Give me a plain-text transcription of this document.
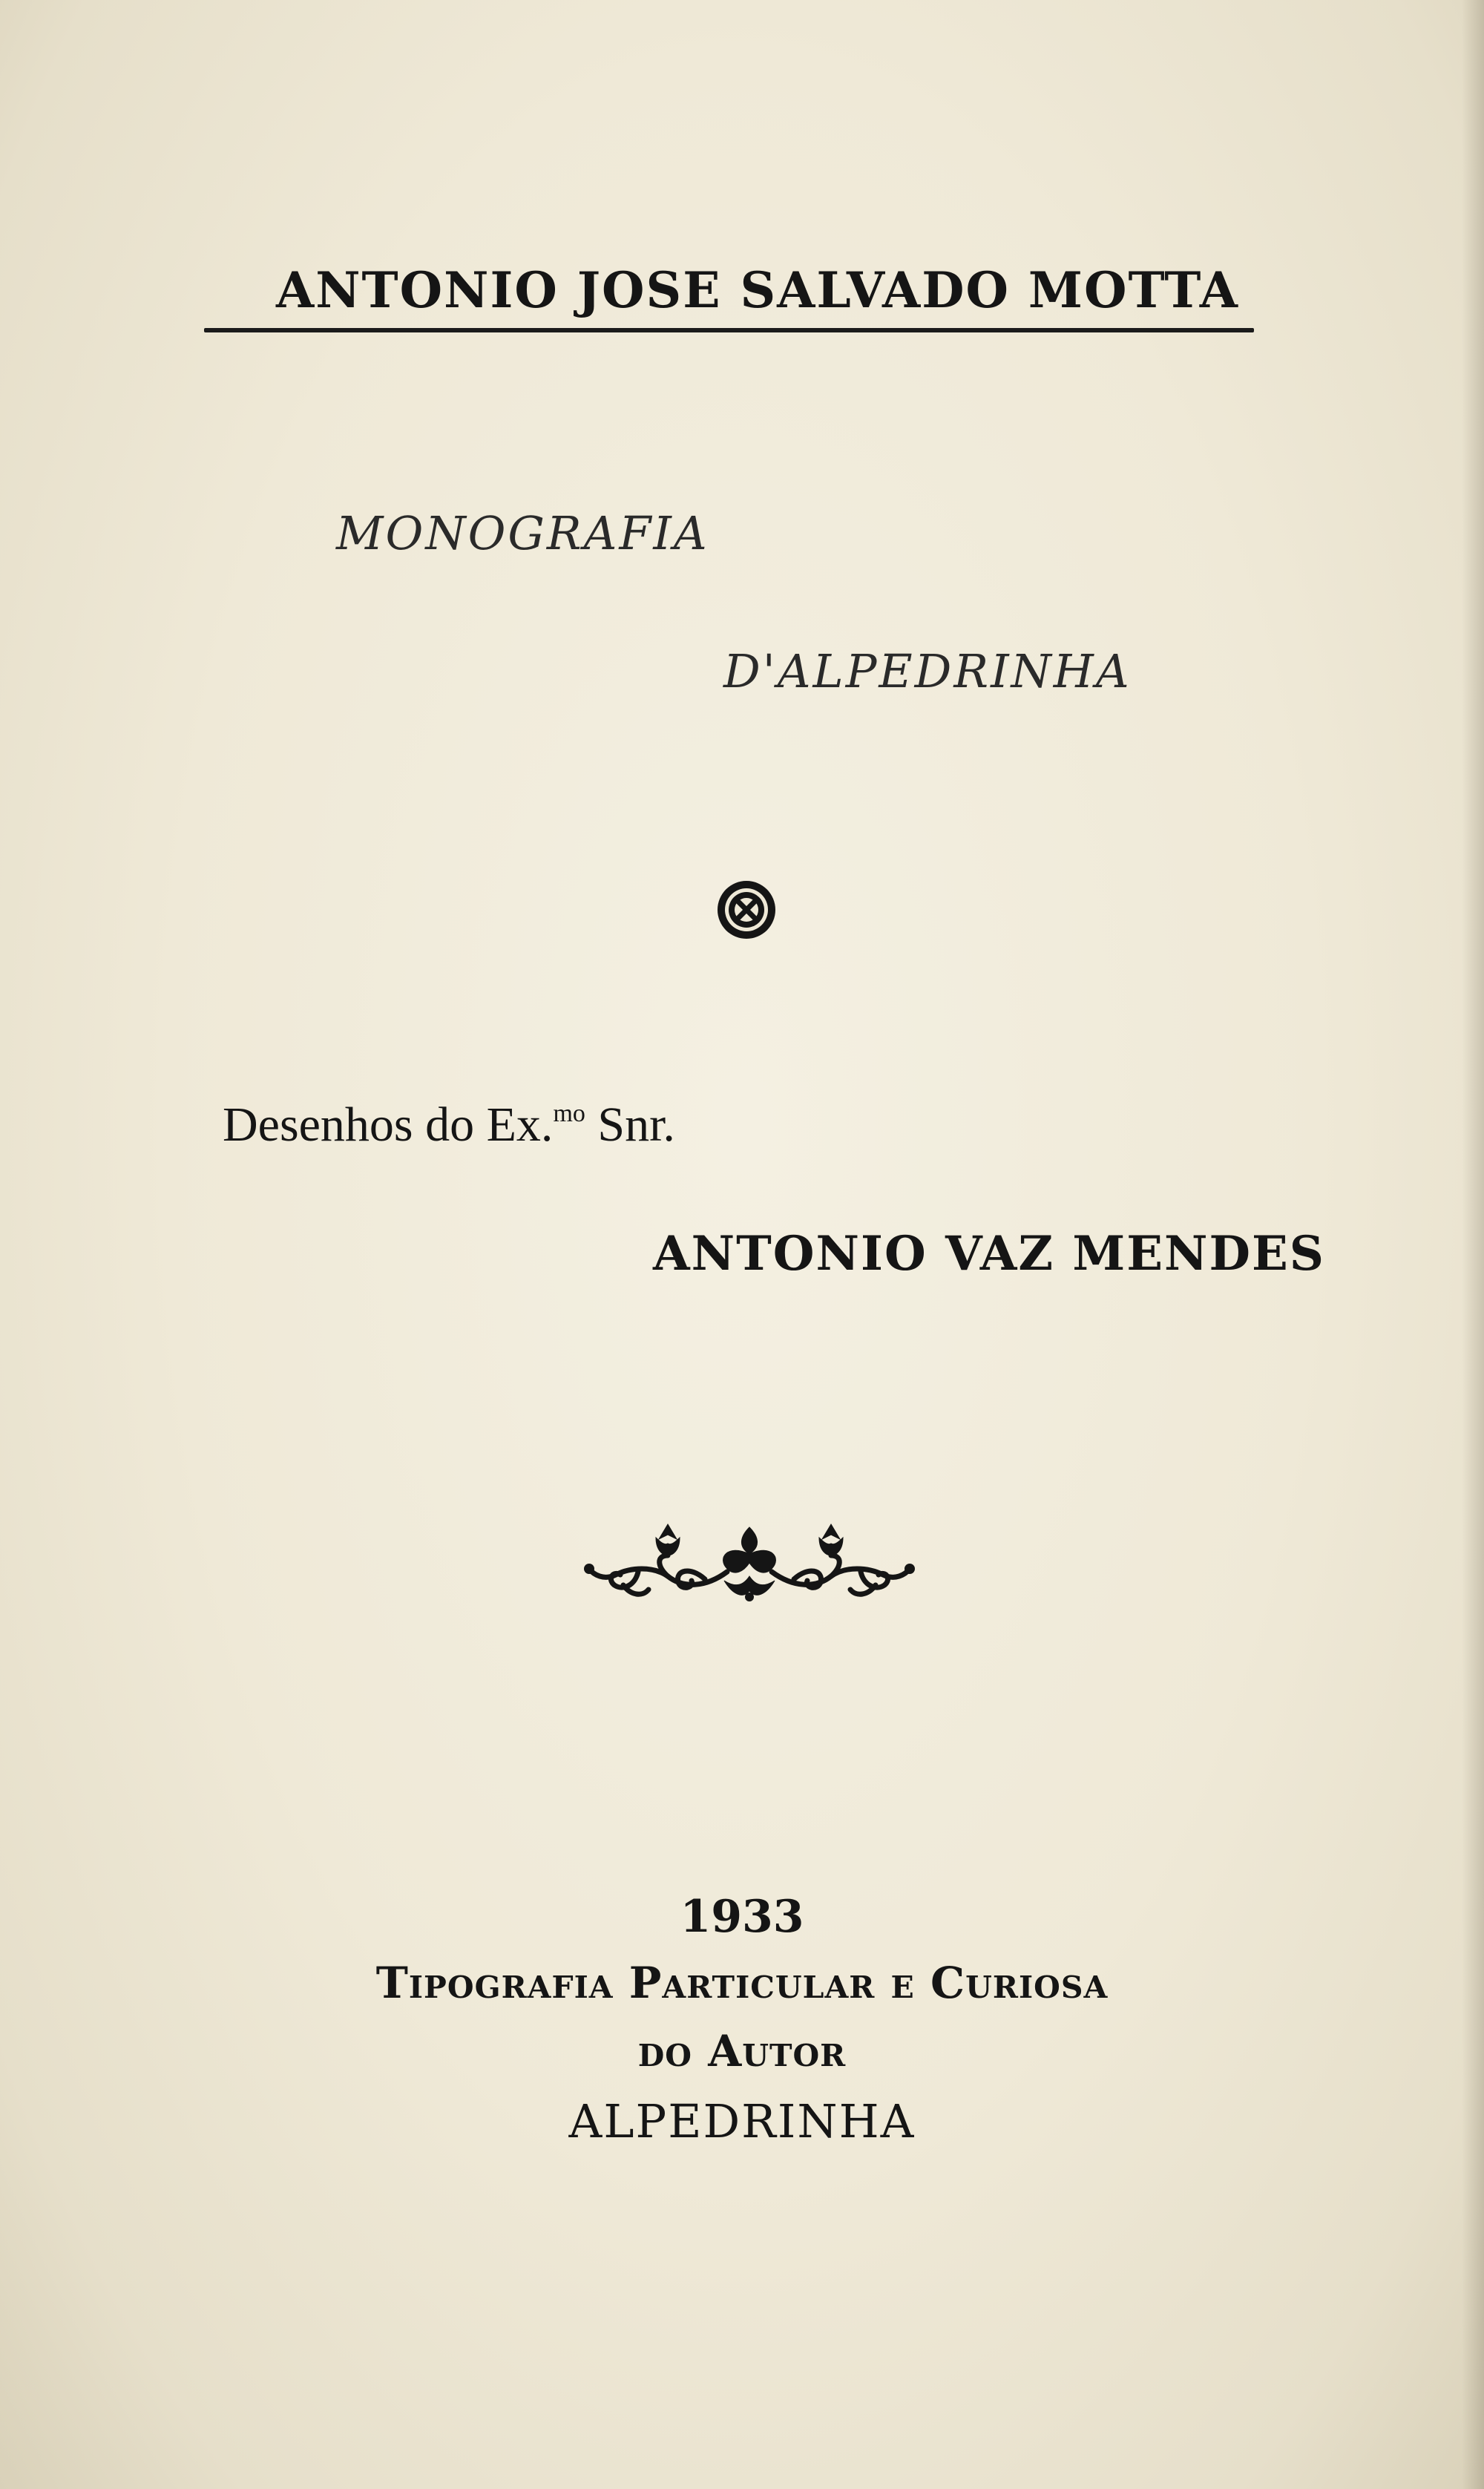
ANTONIO JOSE SALVADO MOTTA
MONOGRAFIA
D'ALPEDRINHA
Desenhos do Ex.$^{mo}$ Snr.
ANTONIO VAZ MENDES
1933
Tipografia Particular e Curiosa
do Autor
ALPEDRINHA
